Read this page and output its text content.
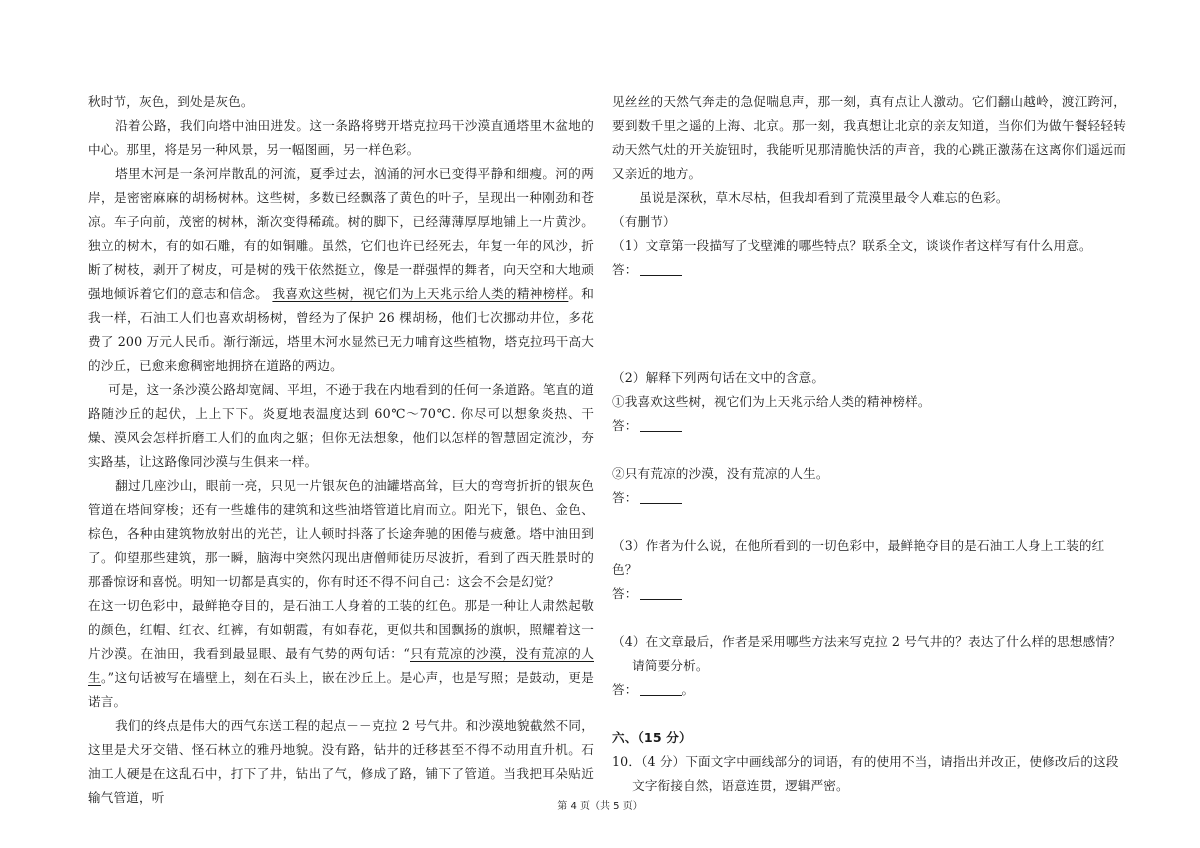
秋时节，灰色，到处是灰色。

沿着公路，我们向塔中油田进发。这一条路将劈开塔克拉玛干沙漠直通塔里木盆地的中心。那里，将是另一种风景，另一幅图画，另一样色彩。

塔里木河是一条河岸散乱的河流，夏季过去，汹涌的河水已变得平静和细瘦。河的两岸，是密密麻麻的胡杨树林。这些树，多数已经飘落了黄色的叶子，呈现出一种刚劲和苍凉。车子向前，茂密的树林，渐次变得稀疏。树的脚下，已经薄薄厚厚地铺上一片黄沙。独立的树木，有的如石雕，有的如铜雕。虽然，它们也许已经死去，年复一年的风沙，折断了树枝，剥开了树皮，可是树的残干依然挺立，像是一群强悍的舞者，向天空和大地顽强地倾诉着它们的意志和信念。 我喜欢这些树，视它们为上天兆示给人类的精神榜样。和我一样，石油工人们也喜欢胡杨树，曾经为了保护 26 棵胡杨，他们七次挪动井位，多花费了 200 万元人民币。渐行渐远，塔里木河水显然已无力哺育这些植物，塔克拉玛干高大的沙丘，已愈来愈稠密地拥挤在道路的两边。

可是，这一条沙漠公路却宽阔、平坦，不逊于我在内地看到的任何一条道路。笔直的道路随沙丘的起伏，上上下下。炎夏地表温度达到 60℃～70℃. 你尽可以想象炎热、干燥、漠风会怎样折磨工人们的血肉之躯；但你无法想象，他们以怎样的智慧固定流沙，夯实路基，让这路像同沙漠与生俱来一样。

翻过几座沙山，眼前一亮，只见一片银灰色的油罐塔高耸，巨大的弯弯折折的银灰色管道在塔间穿梭；还有一些雄伟的建筑和这些油塔管道比肩而立。阳光下，银色、金色、棕色，各种由建筑物放射出的光芒，让人顿时抖落了长途奔驰的困倦与疲惫。塔中油田到了。仰望那些建筑，那一瞬，脑海中突然闪现出唐僧师徒历尽波折，看到了西天胜景时的那番惊讶和喜悦。明知一切都是真实的，你有时还不得不问自己：这会不会是幻觉？

在这一切色彩中，最鲜艳夺目的，是石油工人身着的工装的红色。那是一种让人肃然起敬的颜色，红帽、红衣、红裤，有如朝霞，有如春花，更似共和国飘扬的旗帜，照耀着这一片沙漠。在油田，我看到最显眼、最有气势的两句话：“只有荒凉的沙漠，没有荒凉的人生。”这句话被写在墙壁上，刻在石头上，嵌在沙丘上。是心声，也是写照；是鼓动，更是诺言。

我们的终点是伟大的西气东送工程的起点－－克拉 2 号气井。和沙漠地貌截然不同，这里是犬牙交错、怪石林立的雅丹地貌。没有路，钻井的迁移甚至不得不动用直升机。石油工人硬是在这乱石中，打下了井，钻出了气，修成了路，铺下了管道。当我把耳朵贴近输气管道，听

见丝丝的天然气奔走的急促喘息声，那一刻，真有点让人激动。它们翻山越岭，渡江跨河，要到数千里之遥的上海、北京。那一刻，我真想让北京的亲友知道，当你们为做午餐轻轻转动天然气灶的开关旋钮时，我能听见那清脆快活的声音，我的心跳正激荡在这离你们遥远而又亲近的地方。

虽说是深秋，草木尽枯，但我却看到了荒漠里最令人难忘的色彩。

（有删节）

（1）文章第一段描写了戈壁滩的哪些特点？联系全文，谈谈作者这样写有什么用意。

答：

（2）解释下列两句话在文中的含意。

①我喜欢这些树，视它们为上天兆示给人类的精神榜样。

答：

②只有荒凉的沙漠，没有荒凉的人生。

答：

（3）作者为什么说，在他所看到的一切色彩中，最鲜艳夺目的是石油工人身上工装的红色？

答：

（4）在文章最后，作者是采用哪些方法来写克拉 2 号气井的？表达了什么样的思想感情？请简要分析。

答：	。

六、（15 分）

10．（4 分）下面文字中画线部分的词语，有的使用不当，请指出并改正，使修改后的这段文字衔接自然，语意连贯，逻辑严密。

第 4 页（共 5 页）
